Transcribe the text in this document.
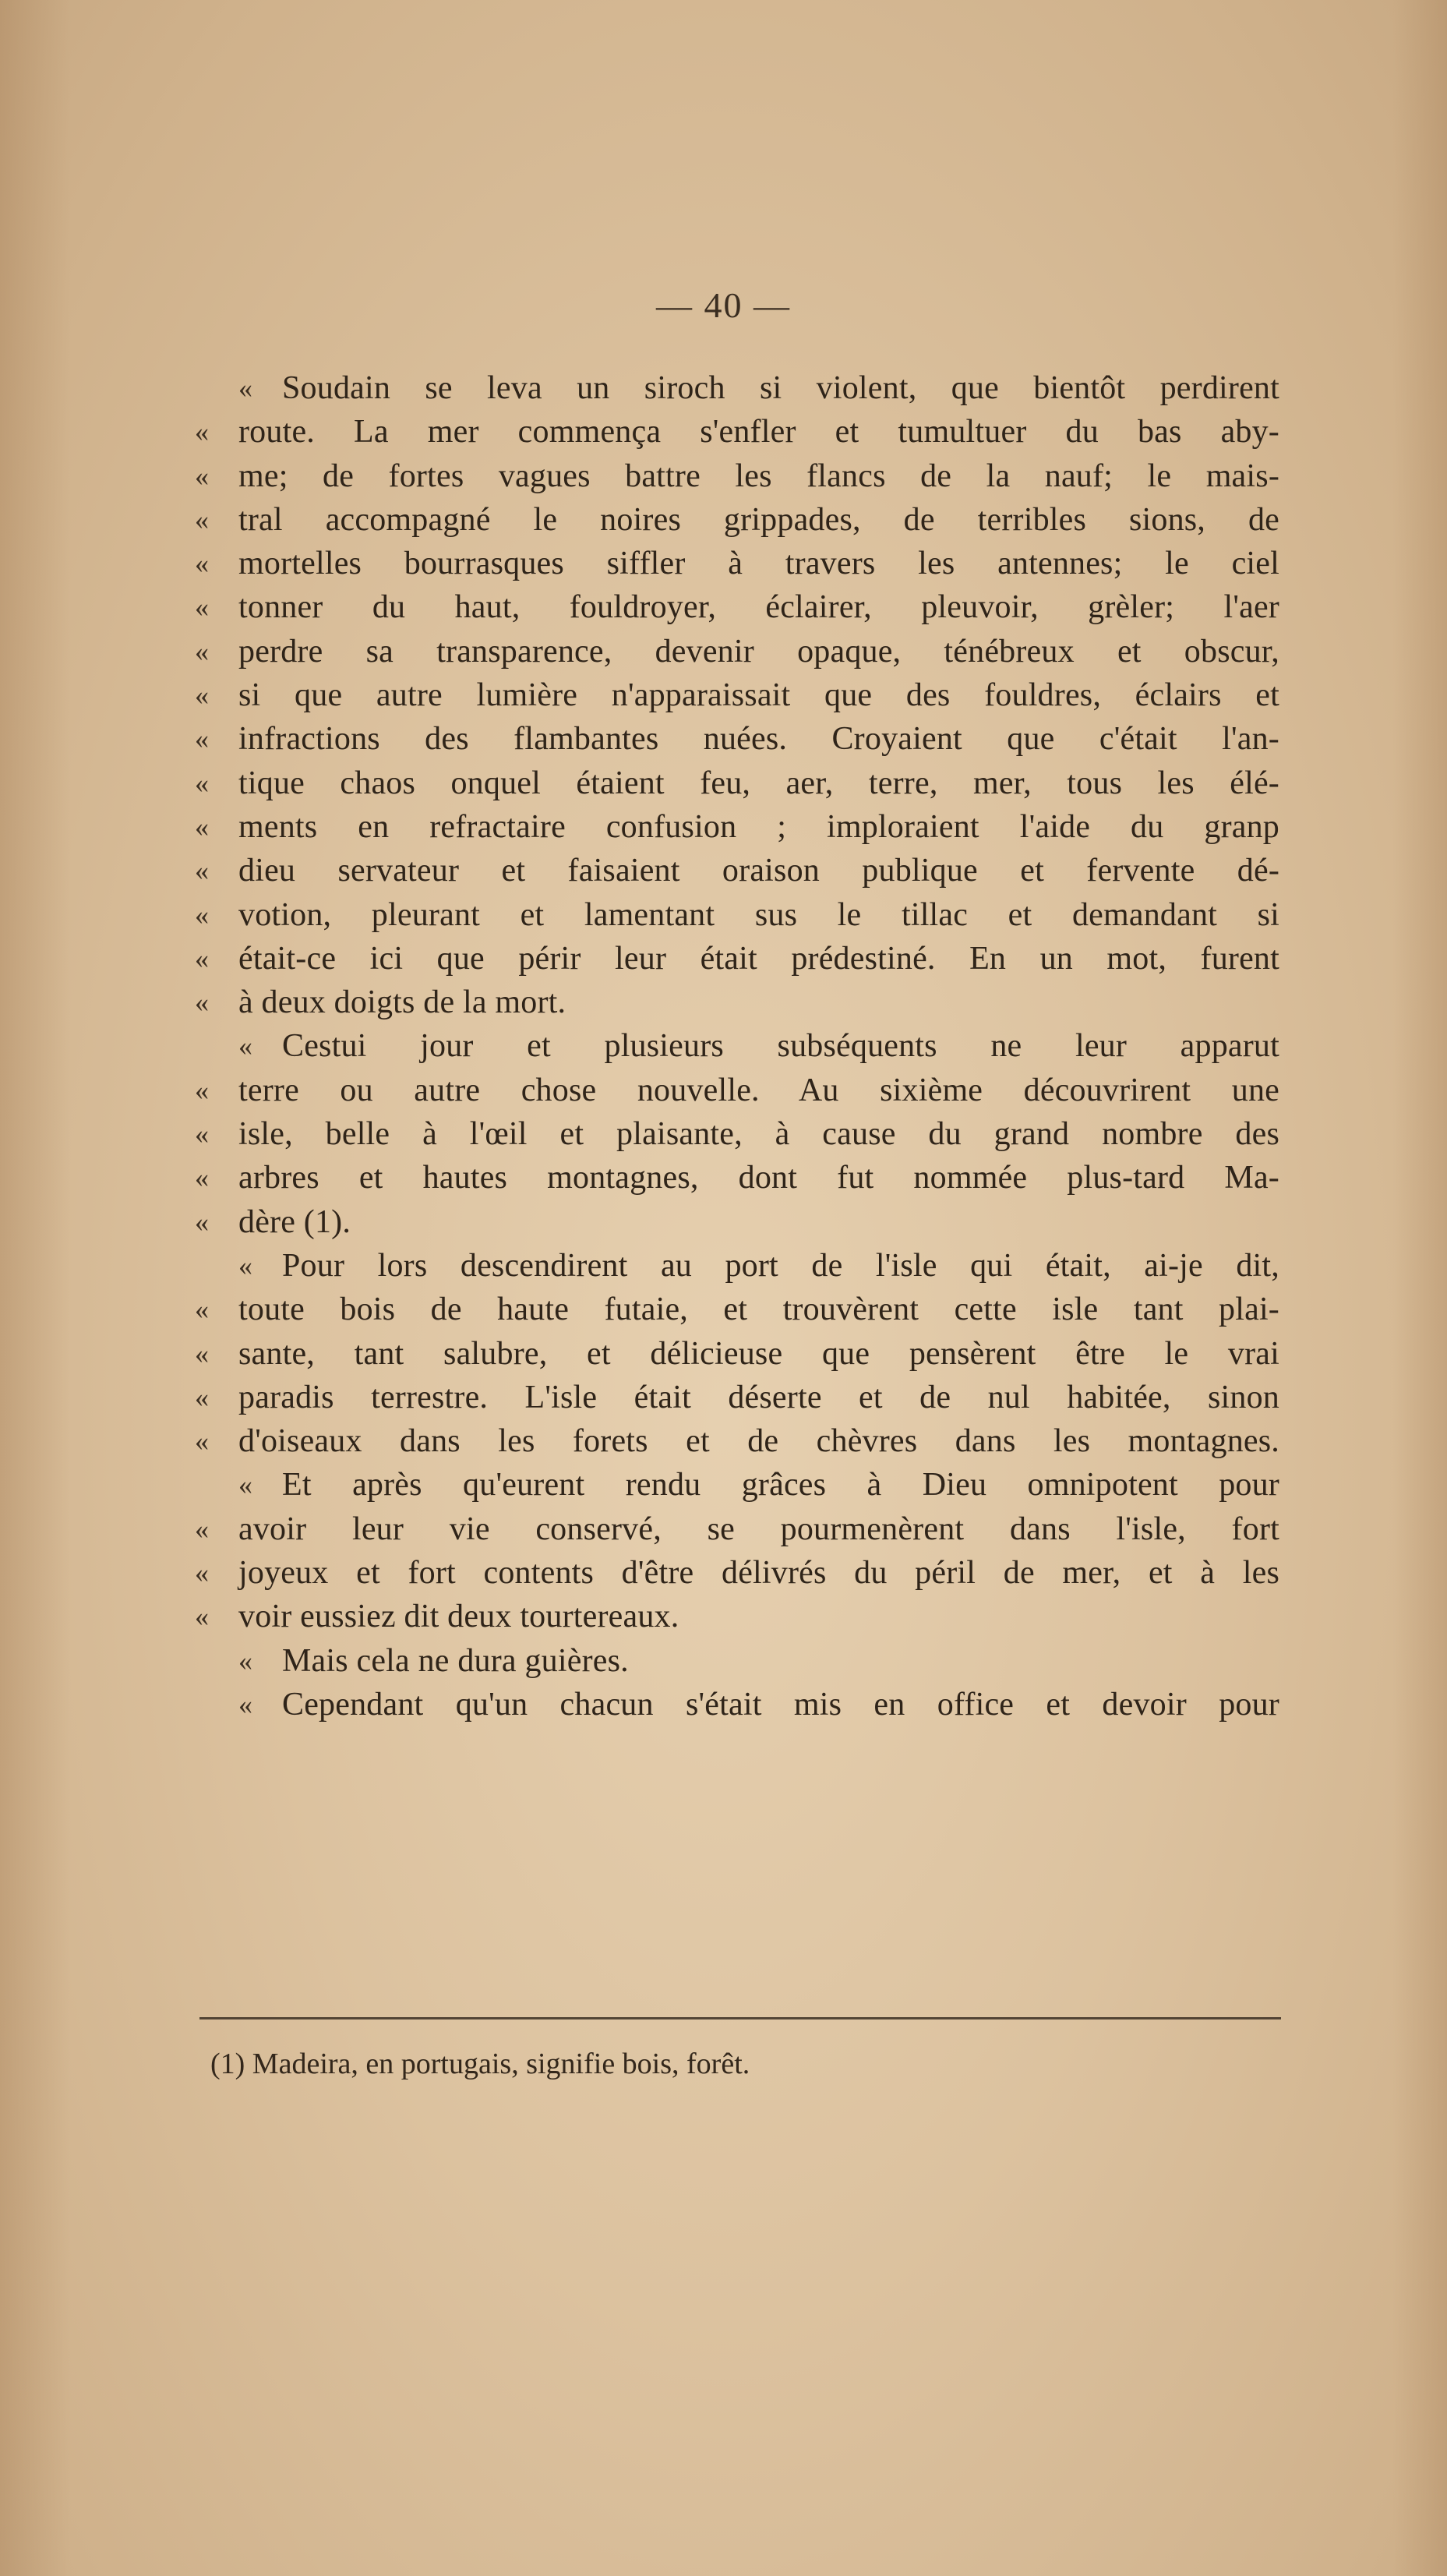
— 40 —
« Soudain se leva un siroch si violent, que bientôt perdirent
« route. La mer commença s'enfler et tumultuer du bas aby-
« me; de fortes vagues battre les flancs de la nauf; le mais-
« tral accompagné le noires grippades, de terribles sions, de
« mortelles bourrasques siffler à travers les antennes; le ciel
« tonner du haut, fouldroyer, éclairer, pleuvoir, grèler; l'aer
« perdre sa transparence, devenir opaque, ténébreux et obscur,
« si que autre lumière n'apparaissait que des fouldres, éclairs et
« infractions des flambantes nuées. Croyaient que c'était l'an-
« tique chaos onquel étaient feu, aer, terre, mer, tous les élé-
« ments en refractaire confusion ; imploraient l'aide du granp
« dieu servateur et faisaient oraison publique et fervente dé-
« votion, pleurant et lamentant sus le tillac et demandant si
« était-ce ici que périr leur était prédestiné. En un mot, furent
« à deux doigts de la mort.
« Cestui jour et plusieurs subséquents ne leur apparut
« terre ou autre chose nouvelle. Au sixième découvrirent une
« isle, belle à l'œil et plaisante, à cause du grand nombre des
« arbres et hautes montagnes, dont fut nommée plus-tard Ma-
« dère (1).
« Pour lors descendirent au port de l'isle qui était, ai-je dit,
« toute bois de haute futaie, et trouvèrent cette isle tant plai-
« sante, tant salubre, et délicieuse que pensèrent être le vrai
« paradis terrestre. L'isle était déserte et de nul habitée, sinon
« d'oiseaux dans les forets et de chèvres dans les montagnes.
« Et après qu'eurent rendu grâces à Dieu omnipotent pour
« avoir leur vie conservé, se pourmenèrent dans l'isle, fort
« joyeux et fort contents d'être délivrés du péril de mer, et à les
« voir eussiez dit deux tourtereaux.
« Mais cela ne dura guières.
« Cependant qu'un chacun s'était mis en office et devoir pour
(1) Madeira, en portugais, signifie bois, forêt.
